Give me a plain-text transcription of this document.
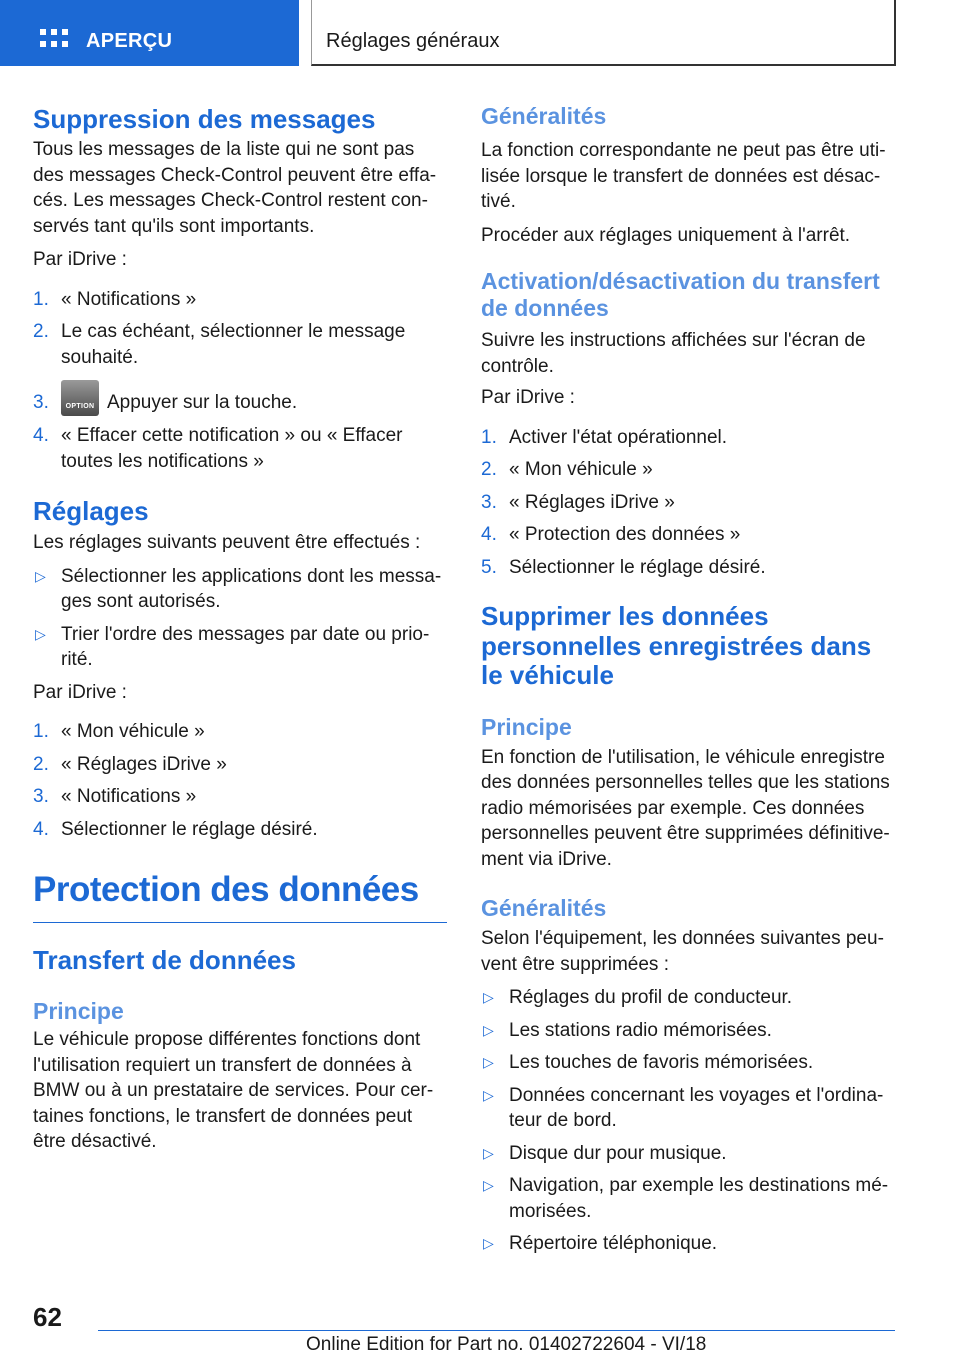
APERÇU	Réglages généraux
Suppression des messages

Tous les messages de la liste qui ne sont pas des messages Check-Control peuvent être effa-cés. Les messages Check-Control restent con-servés tant qu'ils sont importants.

Par iDrive :

1. « Notifications »
2. Le cas échéant, sélectionner le message souhaité.
3.	OPTION Appuyer sur la touche.
4. « Effacer cette notification » ou « Effacer toutes les notifications »
Réglages

Les réglages suivants peuvent être effectués :

▷ Sélectionner les applications dont les messa-ges sont autorisés.
▷ Trier l'ordre des messages par date ou prio-rité.

Par iDrive :

1. « Mon véhicule »
2. « Réglages iDrive »
3. « Notifications »
4. Sélectionner le réglage désiré.
Protection des données
Transfert de données
Principe

Le véhicule propose différentes fonctions dont l'utilisation requiert un transfert de données à BMW ou à un prestataire de services. Pour cer-taines fonctions, le transfert de données peut être désactivé.

Généralités

La fonction correspondante ne peut pas être uti-lisée lorsque le transfert de données est désac-tivé.

Procéder aux réglages uniquement à l'arrêt.

Activation/désactivation du transfert de données

Suivre les instructions affichées sur l'écran de contrôle.

Par iDrive :

1. Activer l'état opérationnel.
2. « Mon véhicule »
3. « Réglages iDrive »
4. « Protection des données »
5. Sélectionner le réglage désiré.
Supprimer les données personnelles enregistrées dans le véhicule
Principe

En fonction de l'utilisation, le véhicule enregistre des données personnelles telles que les stations radio mémorisées par exemple. Ces données personnelles peuvent être supprimées définitive-ment via iDrive.

Généralités

Selon l'équipement, les données suivantes peu-vent être supprimées :

▷ Réglages du profil de conducteur.
▷ Les stations radio mémorisées.
▷ Les touches de favoris mémorisées.
▷ Données concernant les voyages et l'ordina-teur de bord.
▷ Disque dur pour musique.
▷ Navigation, par exemple les destinations mé-morisées.
▷ Répertoire téléphonique.
62
Online Edition for Part no. 01402722604 - VI/18
